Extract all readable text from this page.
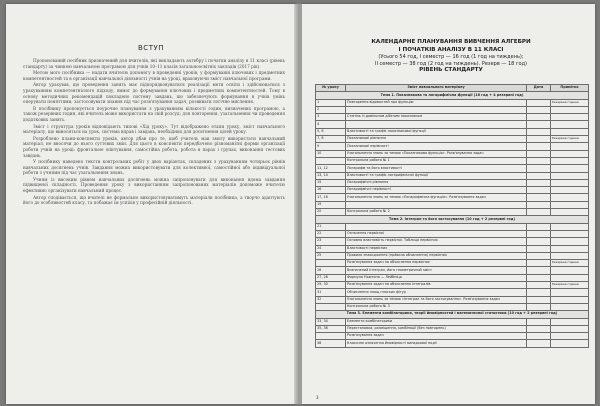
ВСТУП

Пропонований посібник призначений для вчителів, які викладають алгебру і початки аналізу в 11 класі (рівень стандарту) за чинною навчальною програмою для учнів 10–11 класів загальноосвітніх закладів (2017 рік).

Метою мого посібника — надати вчителю допомогу в проведенні уроків, у формуванні ключових і предметних компетентностей та в організації навчальної діяльності учнів на уроці, враховуючи зміст навчальної програми.

Автор урахував, що проведення занять має підпорядковуватися реалізації мети освіти і здійснюватися з урахуванням компетентнісного підходу, вимог до формування ключових і предметних компетентностей. Тому в основу методичних рекомендацій покладено систему завдань, що забезпечують формування в учнів умінь оперувати поняттями, застосовувати знання під час розв'язування задач, розвивати логічне мислення.

В посібнику пропонується поурочне планування з урахуванням кількості годин, визначених програмою, а також резервних годин, які вчитель може використати на свій розсуд: для повторення, узагальнення чи проведення додаткових занять.

Зміст і структура уроків відповідають типові «Хід уроку». Тут відображено етапи уроку, зміст навчального матеріалу, що виноситься на урок, система вправ і завдань, необхідних для досягнення цілей уроку.

Розроблено плани-конспекти уроків, автор дбав про те, щоб учитель мав змогу використати навчальний матеріал, не вносячи до нього суттєвих змін. Для цього в конспекти передбачено різноманітні форми організації роботи учнів на уроці: фронтальне опитування, самостійна робота, робота в парах і групах, виконання тестових завдань.

У посібнику наведено тексти контрольних робіт у двох варіантах, складених з урахуванням чотирьох рівнів навчальних досягнень учнів. Завдання можна використовувати для колективної, самостійної або індивідуальної роботи з учнями під час узагальнення знань.

Учням із високим рівнем навчальних досягнень можна запропонувати для виконання вдома завдання підвищеної складності. Проведення уроку з використанням запропонованих матеріалів допоможе вчителю ефективно організувати навчальний процес.

Автор сподівається, що вчителі не формально використовуватимуть матеріали посібника, а творчо адаптують його до особливостей класу, та побажає їм успіхів у професійній діяльності.

КАЛЕНДАРНЕ ПЛАНУВАННЯ ВИВЧЕННЯ АЛГЕБРИ
І ПОЧАТКІВ АНАЛІЗУ В 11 КЛАСІ
(Усього 54 год, І семестр — 16 год (1 год на тиждень);
ІІ семестр — 38 год (2 год на тиждень). Резерв — 18 год)
РІВЕНЬ СТАНДАРТУ
№ уроку	Зміст навчального матеріалу	Дата	Примітка
Тема 1. Показникова та логарифмічна функції (16 год + 4 резервні год)			
1	Повторення відомостей про функцію		Резервна година
2			
3	Степінь із довільним дійсним показником		
4			
5, 6	Властивості та графік показникової функції		
7, 8	Показникові рівняння		Резервна година
9	Показникові нерівності		
10	Узагальнення знань за темою «Показникова функція». Розв'язування задач		
	Контрольна робота № 1		
11, 12	Логарифм та його властивості		
13, 14	Властивості та графік логарифмічної функції		
15	Логарифмічні рівняння		
16	Логарифмічні нерівності		
17, 18	Узагальнення знань за темою «Логарифмічна функція». Розв'язування задач		
19			
20	Контрольна робота № 2		
Тема 2. Інтеграл та його застосування (10 год + 2 резервні год)			
21			
22	Означення первісної		
23	Основна властивість первісної. Таблиця первісних		
24	Властивості первісних		
25	Правила знаходження (пра́вила обчислення) первісних		
	Розв'язування задач на обчислення первісних		Резервна година
26	Визначений інтеграл, його геометричний зміст		
27, 28	Формула Ньютона — Лейбніца		
29, 30	Розв'язування задач на обчислення інтегралів		Резервна година
31	Обчислення площ плоских фігур		
32	Узагальнення знань за темою «Інтеграл та його застосування». Розв'язування задач		
	Контрольна робота № 3		
Тема 3. Елементи комбінаторики, теорії ймовірностей і математичної статистики (10 год + 2 резервні год)			
33, 34	Елементи комбінаторики		
35, 36	Перестановки, розміщення, комбінації (без повторень)		
	Розв'язування задач		
38	Класичне означення ймовірності випадкової події		
3
